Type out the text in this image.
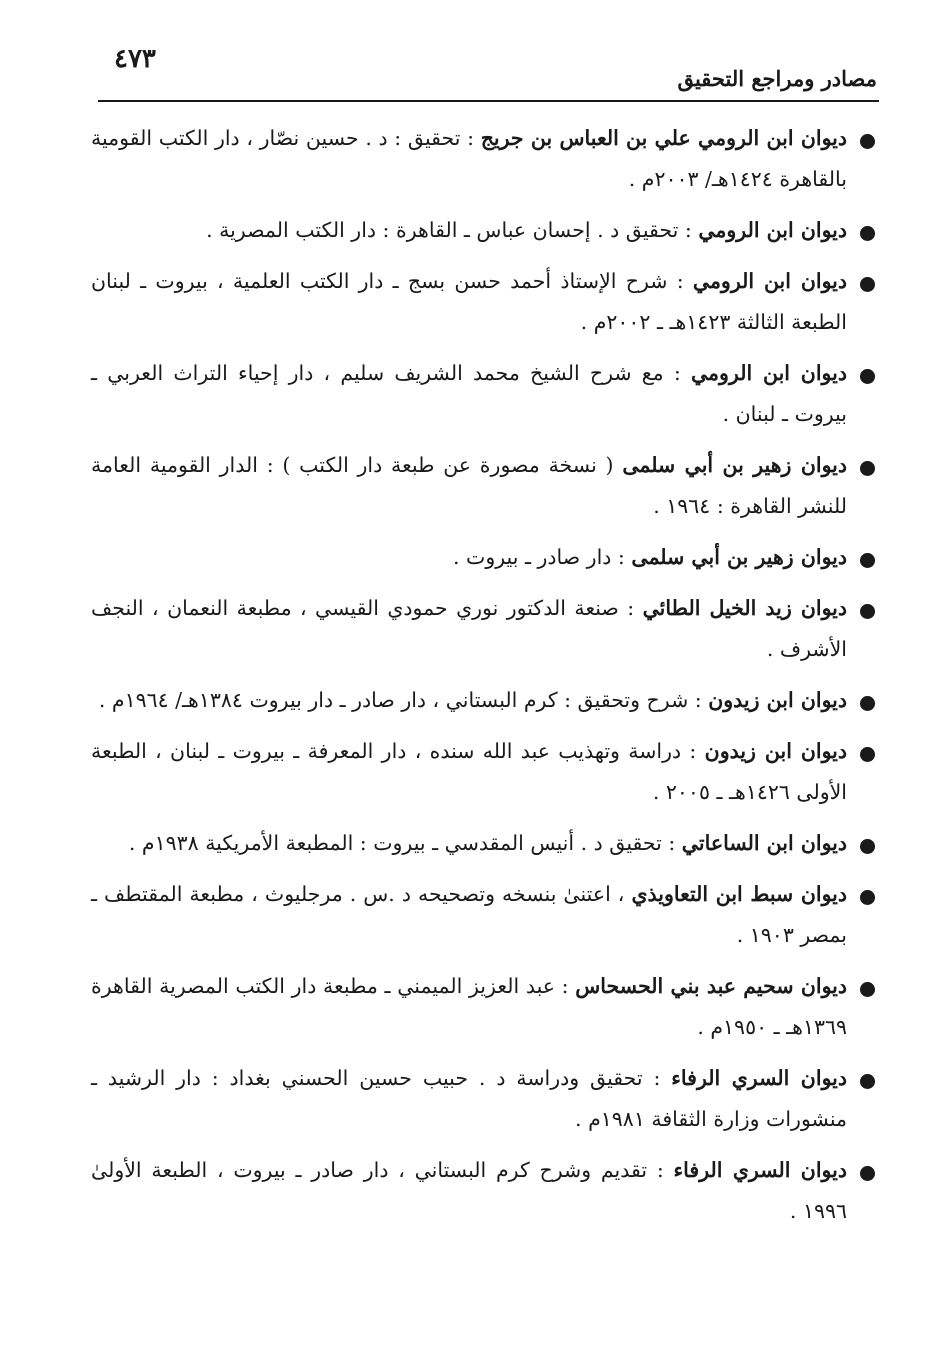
٤٧٣
مصادر ومراجع التحقيق
ديوان ابن الرومي علي بن العباس بن جريج : تحقيق : د . حسين نصّار ، دار الكتب القومية بالقاهرة ١٤٢٤هـ/ ٢٠٠٣م .
ديوان ابن الرومي : تحقيق د . إحسان عباس ـ القاهرة : دار الكتب المصرية .
ديوان ابن الرومي : شرح الإستاذ أحمد حسن بسج ـ دار الكتب العلمية ، بيروت ـ لبنان الطبعة الثالثة ١٤٢٣هـ ـ ٢٠٠٢م .
ديوان ابن الرومي : مع شرح الشيخ محمد الشريف سليم ، دار إحياء التراث العربي ـ بيروت ـ لبنان .
ديوان زهير بن أبي سلمى ( نسخة مصورة عن طبعة دار الكتب ) : الدار القومية العامة للنشر القاهرة : ١٩٦٤ .
ديوان زهير بن أبي سلمى : دار صادر ـ بيروت .
ديوان زيد الخيل الطائي : صنعة الدكتور نوري حمودي القيسي ، مطبعة النعمان ، النجف الأشرف .
ديوان ابن زيدون : شرح وتحقيق : كرم البستاني ، دار صادر ـ دار بيروت ١٣٨٤هـ/ ١٩٦٤م .
ديوان ابن زيدون : دراسة وتهذيب عبد الله سنده ، دار المعرفة ـ بيروت ـ لبنان ، الطبعة الأولى ١٤٢٦هـ ـ ٢٠٠٥ .
ديوان ابن الساعاتي : تحقيق د . أنيس المقدسي ـ بيروت : المطبعة الأمريكية ١٩٣٨م .
ديوان سبط ابن التعاويذي ، اعتنىٰ بنسخه وتصحيحه د .س . مرجليوث ، مطبعة المقتطف ـ بمصر ١٩٠٣ .
ديوان سحيم عبد بني الحسحاس : عبد العزيز الميمني ـ مطبعة دار الكتب المصرية القاهرة ١٣٦٩هـ ـ ١٩٥٠م .
ديوان السري الرفاء : تحقيق ودراسة د . حبيب حسين الحسني بغداد : دار الرشيد ـ منشورات وزارة الثقافة ١٩٨١م .
ديوان السري الرفاء : تقديم وشرح كرم البستاني ، دار صادر ـ بيروت ، الطبعة الأولىٰ ١٩٩٦ .
